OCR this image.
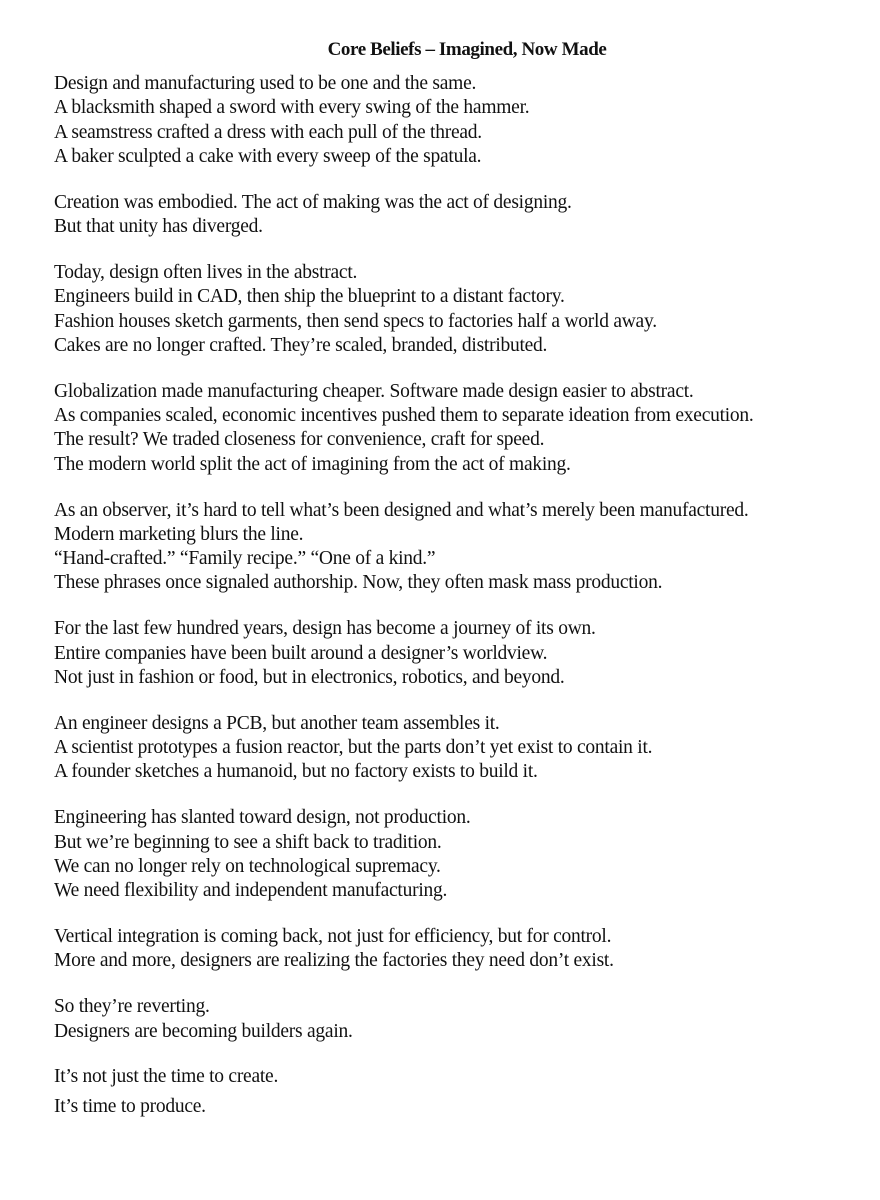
Core Beliefs – Imagined, Now Made
Design and manufacturing used to be one and the same.
A blacksmith shaped a sword with every swing of the hammer.
A seamstress crafted a dress with each pull of the thread.
A baker sculpted a cake with every sweep of the spatula.
Creation was embodied. The act of making was the act of designing.
But that unity has diverged.
Today, design often lives in the abstract.
Engineers build in CAD, then ship the blueprint to a distant factory.
Fashion houses sketch garments, then send specs to factories half a world away.
Cakes are no longer crafted. They’re scaled, branded, distributed.
Globalization made manufacturing cheaper. Software made design easier to abstract.
As companies scaled, economic incentives pushed them to separate ideation from execution.
The result? We traded closeness for convenience, craft for speed.
The modern world split the act of imagining from the act of making.
As an observer, it’s hard to tell what’s been designed and what’s merely been manufactured.
Modern marketing blurs the line.
“Hand-crafted.” “Family recipe.” “One of a kind.”
These phrases once signaled authorship. Now, they often mask mass production.
For the last few hundred years, design has become a journey of its own.
Entire companies have been built around a designer’s worldview.
Not just in fashion or food, but in electronics, robotics, and beyond.
An engineer designs a PCB, but another team assembles it.
A scientist prototypes a fusion reactor, but the parts don’t yet exist to contain it.
A founder sketches a humanoid, but no factory exists to build it.
Engineering has slanted toward design, not production.
But we’re beginning to see a shift back to tradition.
We can no longer rely on technological supremacy.
We need flexibility and independent manufacturing.
Vertical integration is coming back, not just for efficiency, but for control.
More and more, designers are realizing the factories they need don’t exist.
So they’re reverting.
Designers are becoming builders again.
It’s not just the time to create.
It’s time to produce.
